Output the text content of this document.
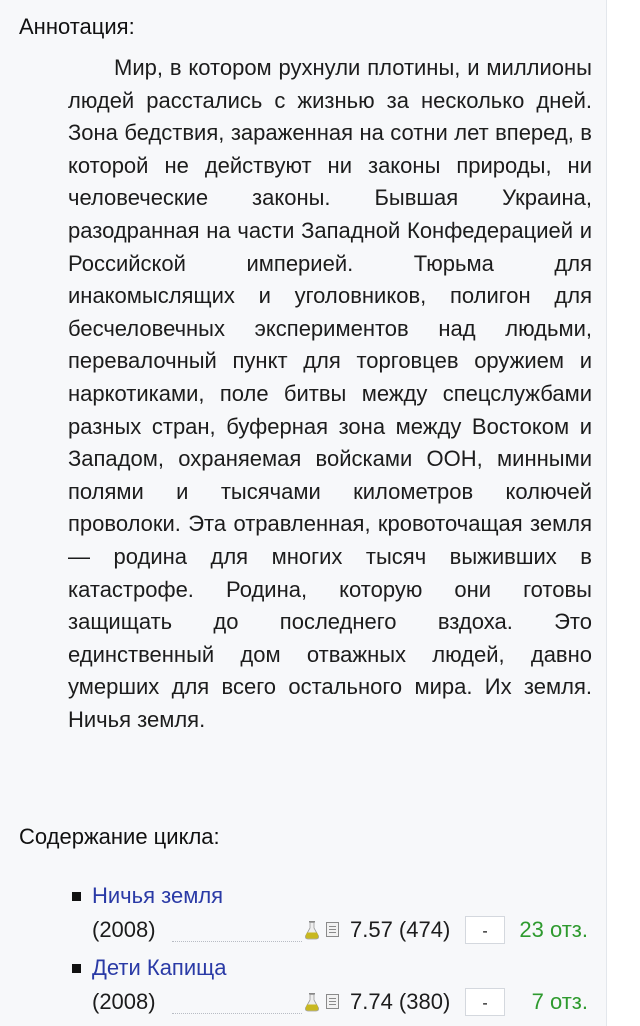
Аннотация:
Мир, в котором рухнули плотины, и миллионы людей расстались с жизнью за несколько дней. Зона бедствия, зараженная на сотни лет вперед, в которой не действуют ни законы природы, ни человеческие законы. Бывшая Украина, разодранная на части Западной Конфедерацией и Российской империей. Тюрьма для инакомыслящих и уголовников, полигон для бесчеловечных экспериментов над людьми, перевалочный пункт для торговцев оружием и наркотиками, поле битвы между спецслужбами разных стран, буферная зона между Востоком и Западом, охраняемая войсками ООН, минными полями и тысячами километров колючей проволоки. Эта отравленная, кровоточащая земля — родина для многих тысяч выживших в катастрофе. Родина, которую они готовы защищать до последнего вздоха. Это единственный дом отважных людей, давно умерших для всего остального мира. Их земля. Ничья земля.
Содержание цикла:
Ничья земля
(2008)	7.57 (474)	-	23 отз.
Дети Капища
(2008)	7.74 (380)	-	7 отз.
